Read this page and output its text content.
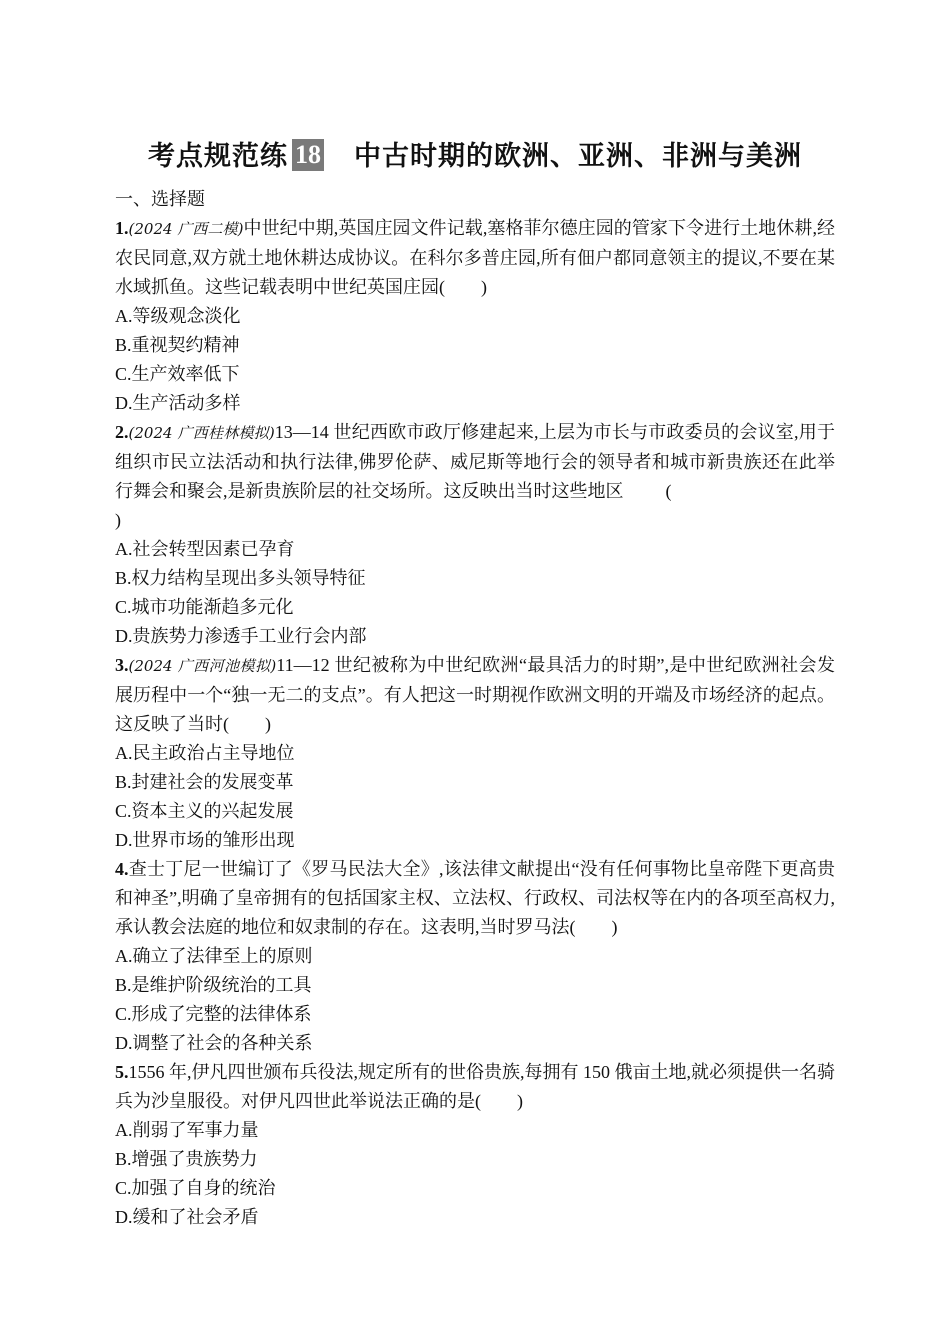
考点规范练 18 中古时期的欧洲、亚洲、非洲与美洲
一、选择题
1.(2024 广西二模)中世纪中期,英国庄园文件记载,塞格菲尔德庄园的管家下令进行土地休耕,经农民同意,双方就土地休耕达成协议。在科尔多普庄园,所有佃户都同意领主的提议,不要在某水域抓鱼。这些记载表明中世纪英国庄园(　　)
A.等级观念淡化
B.重视契约精神
C.生产效率低下
D.生产活动多样
2.(2024 广西桂林模拟)13—14 世纪西欧市政厅修建起来,上层为市长与市政委员的会议室,用于组织市民立法活动和执行法律,佛罗伦萨、威尼斯等地行会的领导者和城市新贵族还在此举行舞会和聚会,是新贵族阶层的社交场所。这反映出当时这些地区 (
)
A.社会转型因素已孕育
B.权力结构呈现出多头领导特征
C.城市功能渐趋多元化
D.贵族势力渗透手工业行会内部
3.(2024 广西河池模拟)11—12 世纪被称为中世纪欧洲“最具活力的时期”,是中世纪欧洲社会发展历程中一个“独一无二的支点”。有人把这一时期视作欧洲文明的开端及市场经济的起点。这反映了当时(　　)
A.民主政治占主导地位
B.封建社会的发展变革
C.资本主义的兴起发展
D.世界市场的雏形出现
4.查士丁尼一世编订了《罗马民法大全》,该法律文献提出“没有任何事物比皇帝陛下更高贵和神圣”,明确了皇帝拥有的包括国家主权、立法权、行政权、司法权等在内的各项至高权力,承认教会法庭的地位和奴隶制的存在。这表明,当时罗马法(　　)
A.确立了法律至上的原则
B.是维护阶级统治的工具
C.形成了完整的法律体系
D.调整了社会的各种关系
5.1556 年,伊凡四世颁布兵役法,规定所有的世俗贵族,每拥有 150 俄亩土地,就必须提供一名骑兵为沙皇服役。对伊凡四世此举说法正确的是(　　)
A.削弱了军事力量
B.增强了贵族势力
C.加强了自身的统治
D.缓和了社会矛盾
